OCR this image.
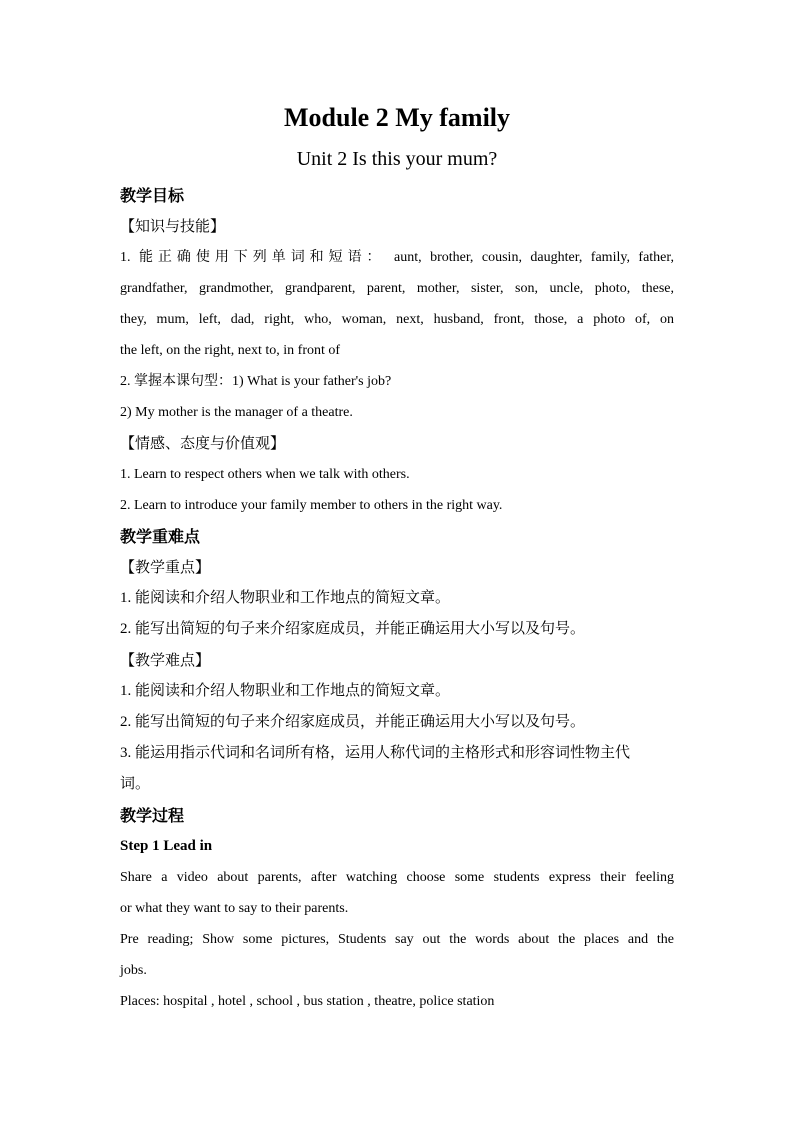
Module 2 My family

Unit 2 Is this your mum?

教学目标

【知识与技能】

1. 能正确使用下列单词和短语： aunt, brother, cousin, daughter, family, father,

grandfather, grandmother, grandparent, parent, mother, sister, son, uncle, photo, these,

they, mum, left, dad, right, who, woman, next, husband, front, those, a photo of, on

the left, on the right, next to, in front of

2. 掌握本课句型：1) What is your father's job?

2) My mother is the manager of a theatre.

【情感、态度与价值观】

1. Learn to respect others when we talk with others.

2. Learn to introduce your family member to others in the right way.

教学重难点

【教学重点】

1. 能阅读和介绍人物职业和工作地点的简短文章。

2. 能写出简短的句子来介绍家庭成员，并能正确运用大小写以及句号。

【教学难点】

1. 能阅读和介绍人物职业和工作地点的简短文章。

2. 能写出简短的句子来介绍家庭成员，并能正确运用大小写以及句号。

3. 能运用指示代词和名词所有格，运用人称代词的主格形式和形容词性物主代

词。

教学过程

Step 1 Lead in

Share a video about parents, after watching choose some students express their feeling

or what they want to say to their parents.

Pre reading; Show some pictures, Students say out the words about the places and the

jobs.

Places: hospital , hotel , school , bus station , theatre, police station
